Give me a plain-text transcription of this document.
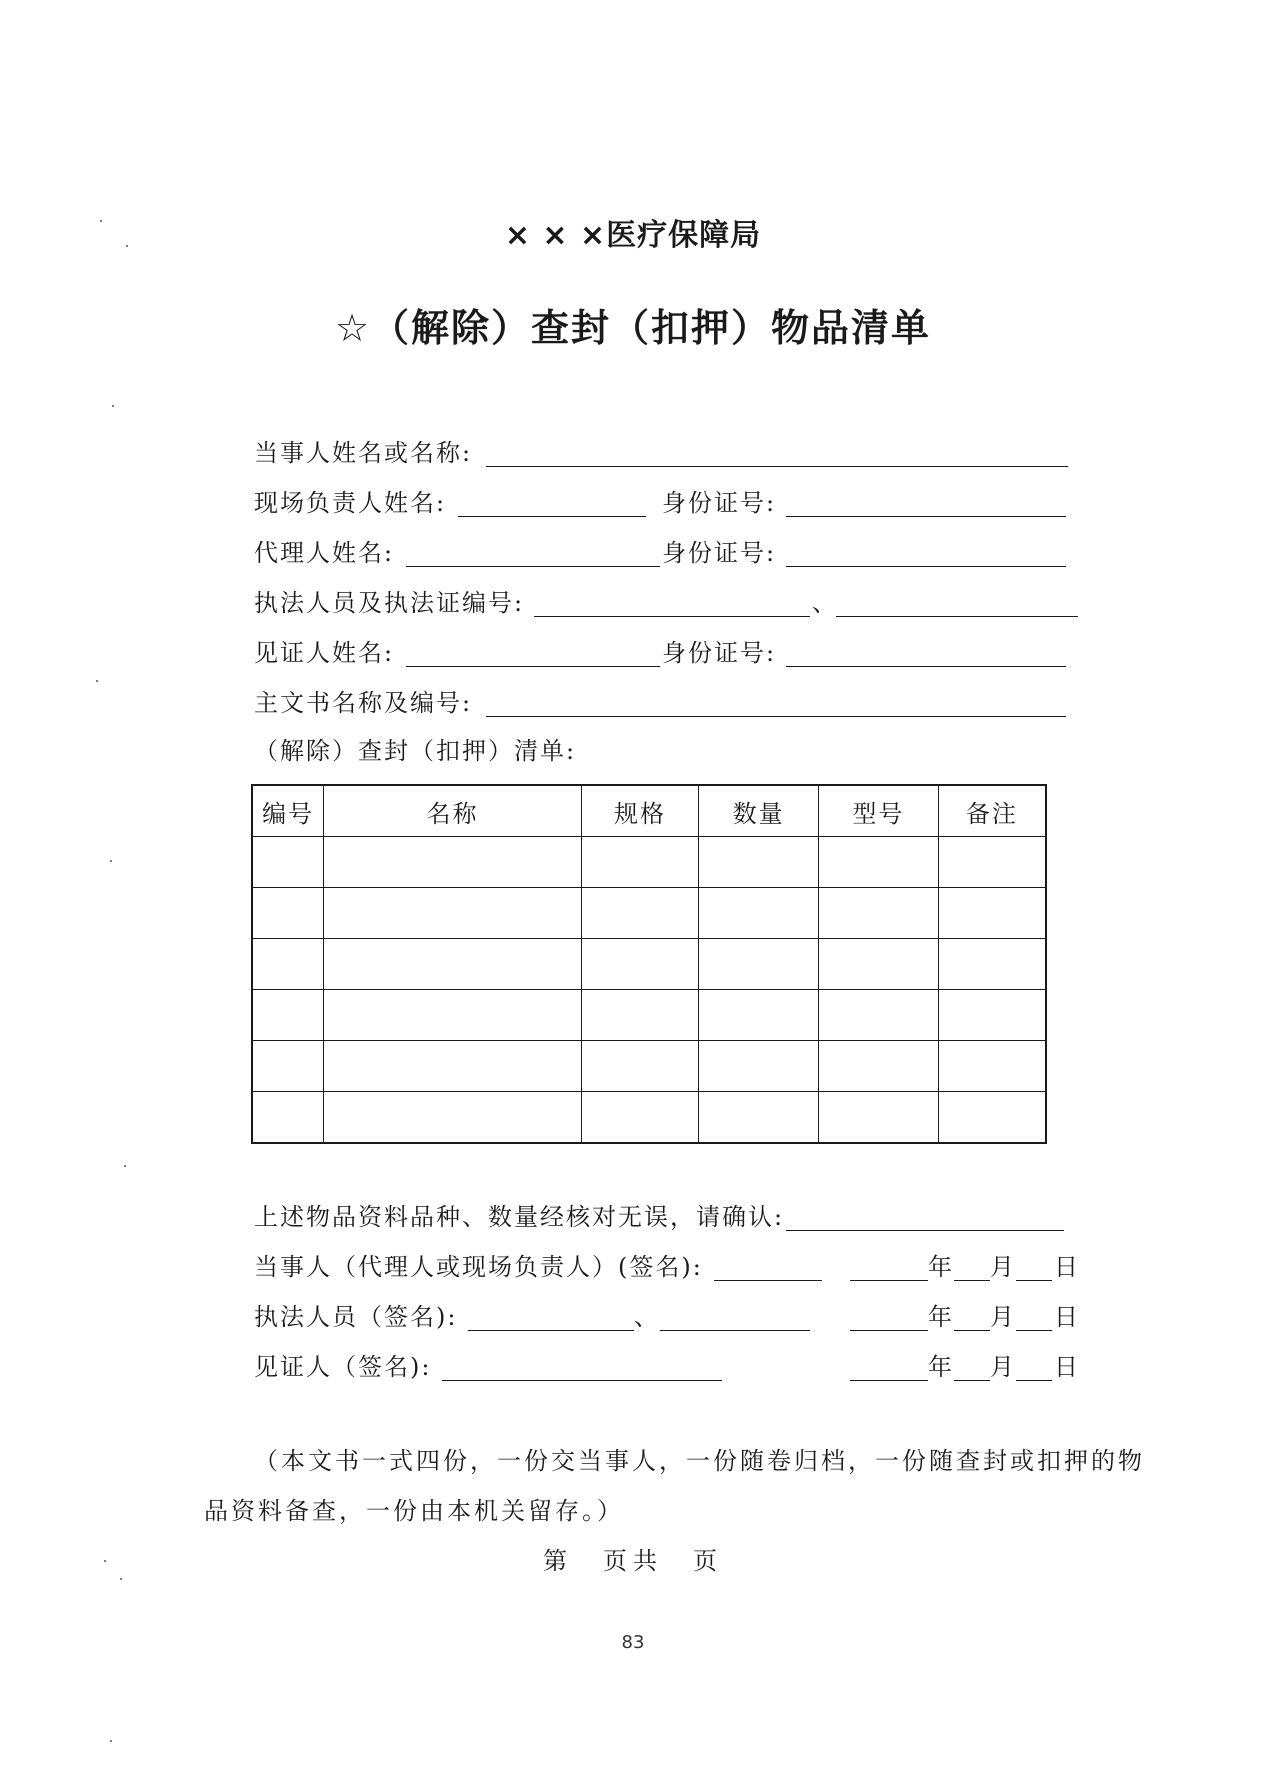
× × ×医疗保障局
☆（解除）查封（扣押）物品清单
当事人姓名或名称:
现场负责人姓名:	身份证号:
代理人姓名:	身份证号:
执法人员及执法证编号:	、
见证人姓名:	身份证号:
主文书名称及编号:
（解除）查封（扣押）清单:
编号	名称	规格	数量	型号	备注

上述物品资料品种、数量经核对无误，请确认:
当事人（代理人或现场负责人）(签名):	年 月 日
执法人员（签名):	、	年 月 日
见证人（签名):	年 月 日
（本文书一式四份，一份交当事人，一份随卷归档，一份随查封或扣押的物
品资料备查，一份由本机关留存。）
第　页共　页
83
